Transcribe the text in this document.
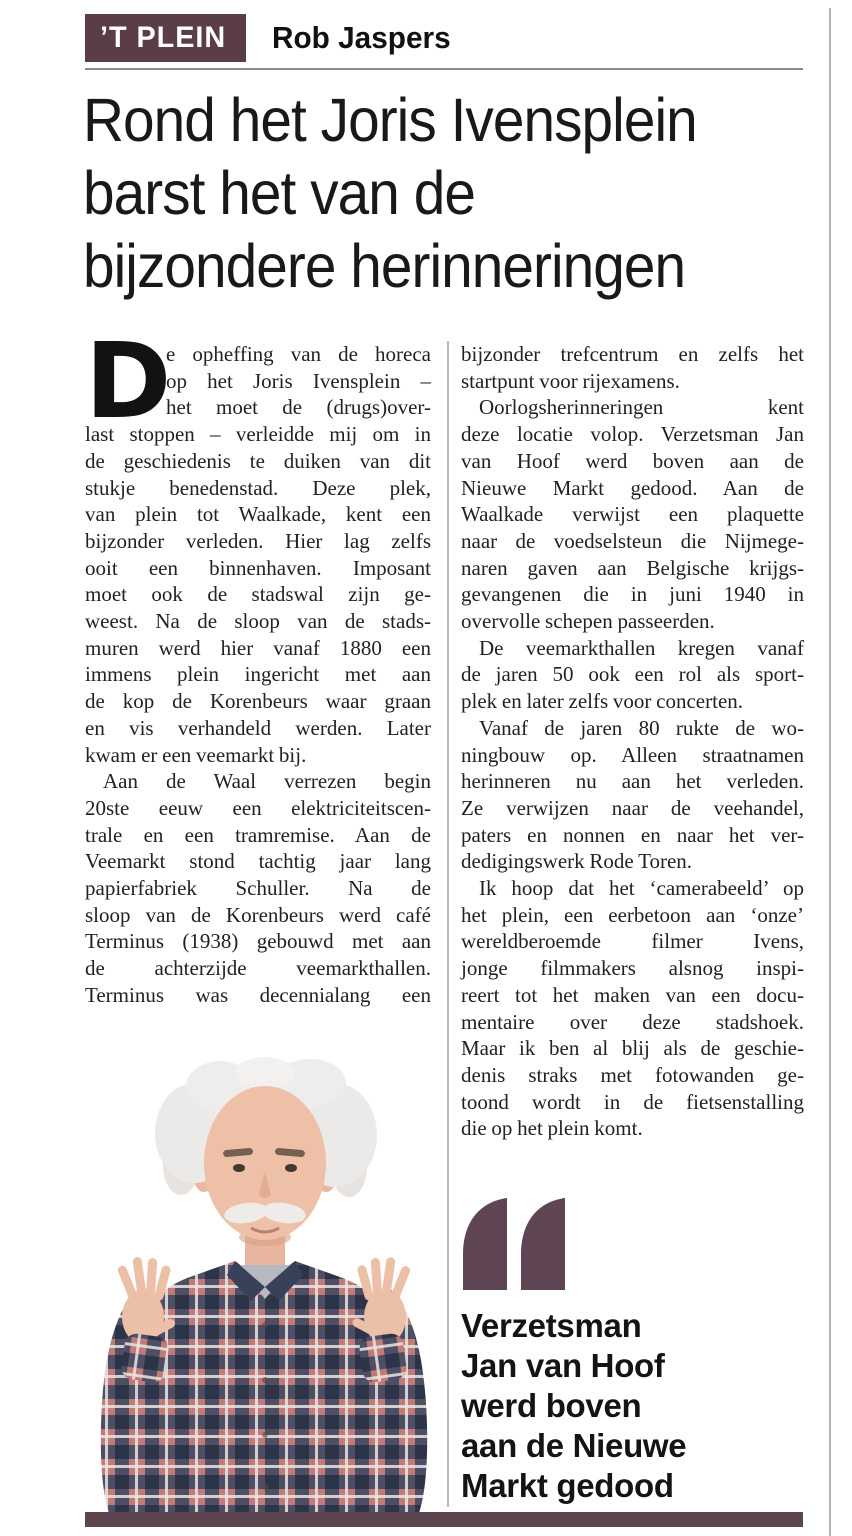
’T PLEIN Rob Jaspers
Rond het Joris Ivensplein
barst het van de
bijzondere herinneringen
D
e opheffing van de horeca
op het Joris Ivensplein –
het moet de (drugs)over-
last stoppen – verleidde mij om in
de geschiedenis te duiken van dit
stukje benedenstad. Deze plek,
van plein tot Waalkade, kent een
bijzonder verleden. Hier lag zelfs
ooit een binnenhaven. Imposant
moet ook de stadswal zijn ge-
weest. Na de sloop van de stads-
muren werd hier vanaf 1880 een
immens plein ingericht met aan
de kop de Korenbeurs waar graan
en vis verhandeld werden. Later
kwam er een veemarkt bij.
Aan de Waal verrezen begin
20ste eeuw een elektriciteitscen-
trale en een tramremise. Aan de
Veemarkt stond tachtig jaar lang
papierfabriek Schuller. Na de
sloop van de Korenbeurs werd café
Terminus (1938) gebouwd met aan
de achterzijde veemarkthallen.
Terminus was decennialang een
bijzonder trefcentrum en zelfs het
startpunt voor rijexamens.
Oorlogsherinneringen kent
deze locatie volop. Verzetsman Jan
van Hoof werd boven aan de
Nieuwe Markt gedood. Aan de
Waalkade verwijst een plaquette
naar de voedselsteun die Nijmege-
naren gaven aan Belgische krijgs-
gevangenen die in juni 1940 in
overvolle schepen passeerden.
De veemarkthallen kregen vanaf
de jaren 50 ook een rol als sport-
plek en later zelfs voor concerten.
Vanaf de jaren 80 rukte de wo-
ningbouw op. Alleen straatnamen
herinneren nu aan het verleden.
Ze verwijzen naar de veehandel,
paters en nonnen en naar het ver-
dedigingswerk Rode Toren.
Ik hoop dat het ‘camerabeeld’ op
het plein, een eerbetoon aan ‘onze’
wereldberoemde filmer Ivens,
jonge filmmakers alsnog inspi-
reert tot het maken van een docu-
mentaire over deze stadshoek.
Maar ik ben al blij als de geschie-
denis straks met fotowanden ge-
toond wordt in de fietsenstalling
die op het plein komt.
Verzetsman
Jan van Hoof
werd boven
aan de Nieuwe
Markt gedood
